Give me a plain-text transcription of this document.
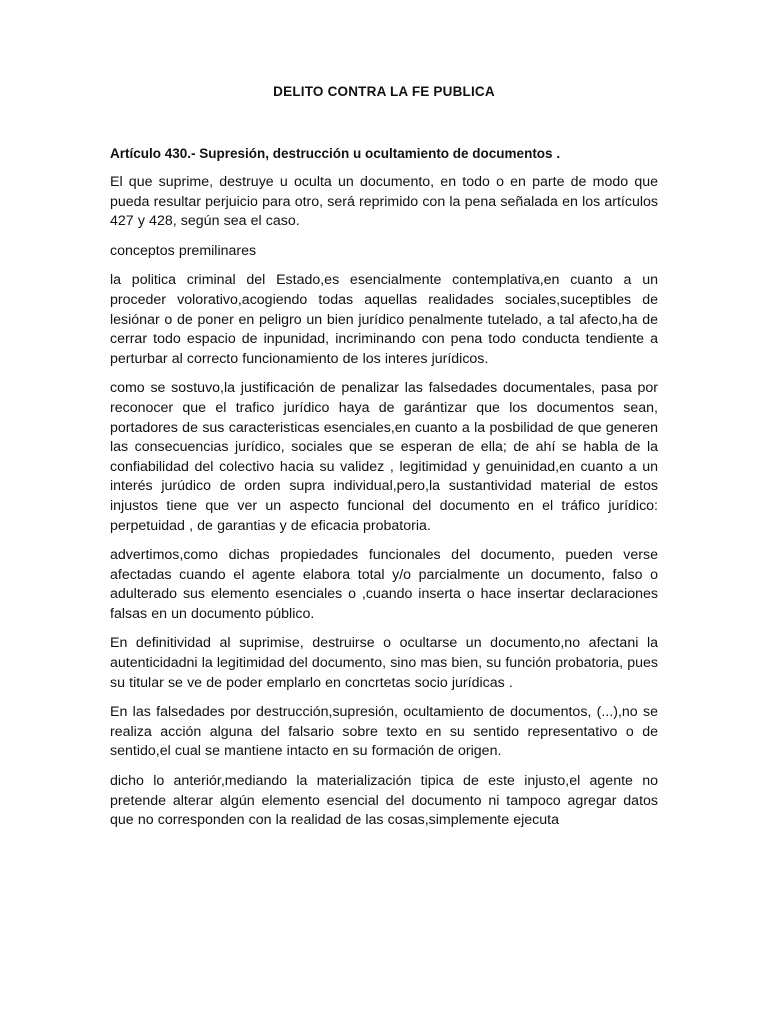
DELITO CONTRA LA FE PUBLICA
Artículo 430.- Supresión, destrucción u ocultamiento de documentos .

El que suprime, destruye u oculta un documento, en todo o en parte de modo que pueda resultar perjuicio para otro, será reprimido con la pena señalada en los artículos 427 y 428, según sea el caso.

conceptos premilinares

la politica criminal del Estado,es esencialmente contemplativa,en cuanto a un proceder volorativo,acogiendo todas aquellas realidades sociales,suceptibles de lesiónar o de poner en peligro un bien jurídico penalmente tutelado, a tal afecto,ha de cerrar todo espacio de inpunidad, incriminando con pena todo conducta tendiente a perturbar al correcto funcionamiento de los interes jurídicos.

como se sostuvo,la justificación de penalizar las falsedades documentales, pasa por reconocer que el trafico jurídico haya de garántizar que los documentos sean, portadores de sus caracteristicas esenciales,en cuanto a la posbilidad de que generen las consecuencias jurídico, sociales que se esperan de ella; de ahí se habla de la confiabilidad del colectivo hacia su validez , legitimidad y genuinidad,en cuanto a un interés jurúdico de orden supra individual,pero,la sustantividad material de estos injustos tiene que ver un aspecto funcional del documento en el tráfico jurídico: perpetuidad , de garantias y de eficacia probatoria.

advertimos,como dichas propiedades funcionales del documento, pueden verse afectadas cuando el agente elabora total y/o parcialmente un documento, falso o adulterado sus elemento esenciales o ,cuando inserta o hace insertar declaraciones falsas en un documento público.

En definitividad al suprimise, destruirse o ocultarse un documento,no afectani la autenticidadni la legitimidad del documento, sino mas bien, su función probatoria, pues su titular se ve de poder emplarlo en concrtetas socio jurídicas .

En las falsedades por destrucción,supresión, ocultamiento de documentos, (...),no se realiza acción alguna del falsario sobre texto en su sentido representativo o de sentido,el cual se mantiene intacto en su formación de origen.

dicho lo anteriór,mediando la materialización tipica de este injusto,el agente no pretende alterar algún elemento esencial del documento ni tampoco agregar datos que no corresponden con la realidad de las cosas,simplemente ejecuta
